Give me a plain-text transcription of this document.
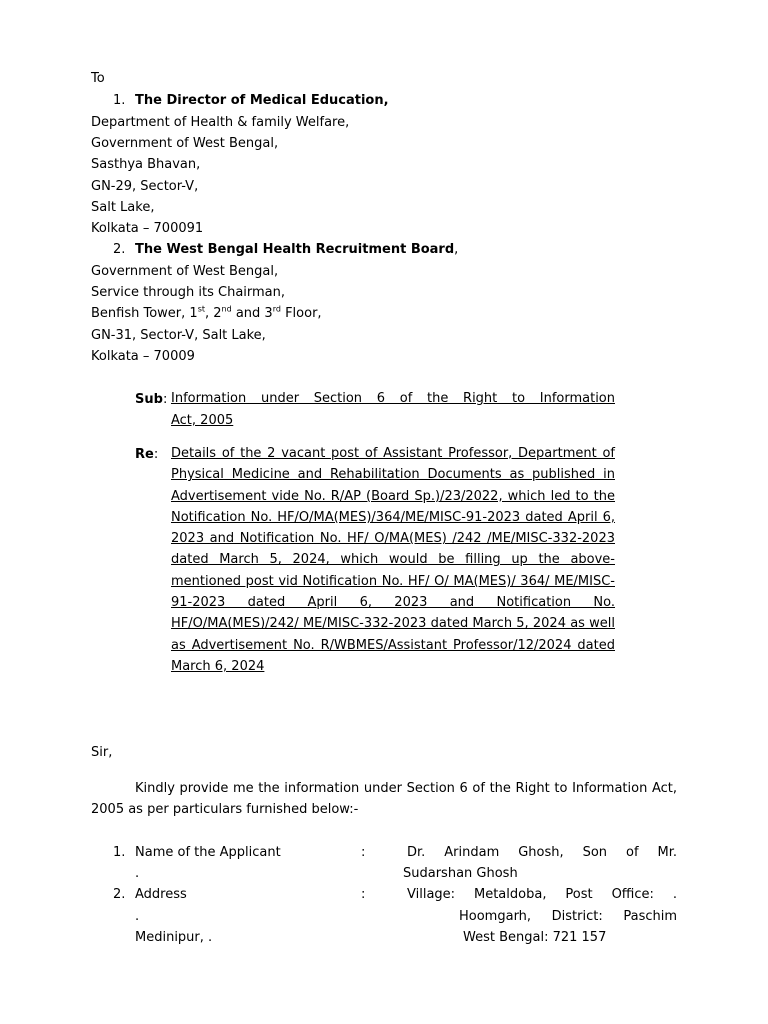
To
1. The Director of Medical Education,
Department of Health & family Welfare,
Government of West Bengal,
Sasthya Bhavan,
GN-29, Sector-V,
Salt Lake,
Kolkata – 700091
2. The West Bengal Health Recruitment Board,
Government of West Bengal,
Service through its Chairman,
Benfish Tower, 1st, 2nd and 3rd Floor,
GN-31, Sector-V, Salt Lake,
Kolkata – 70009
Sub: Information under Section 6 of the Right to Information
Act, 2005
Re: Details of the 2 vacant post of Assistant Professor, Department of Physical Medicine and Rehabilitation Documents as published in Advertisement vide No. R/AP (Board Sp.)/23/2022, which led to the Notification No. HF/O/MA(MES)/364/ME/MISC-91-2023 dated April 6, 2023 and Notification No. HF/ O/MA(MES) /242 /ME/MISC-332-2023 dated March 5, 2024, which would be filling up the above-mentioned post vid Notification No. HF/ O/ MA(MES)/ 364/ ME/MISC-91-2023 dated April 6, 2023 and Notification No. HF/O/MA(MES)/242/ ME/MISC-332-2023 dated March 5, 2024 as well as Advertisement No. R/WBMES/Assistant Professor/12/2024 dated March 6, 2024
Sir,
Kindly provide me the information under Section 6 of the Right to Information Act, 2005 as per particulars furnished below:-
1. Name of the Applicant	:	Dr. Arindam Ghosh, Son of Mr.
.	Sudarshan Ghosh
2. Address	:	Village: Metaldoba, Post Office: .
.	Hoomgarh, District: Paschim
Medinipur, .	West Bengal: 721 157
